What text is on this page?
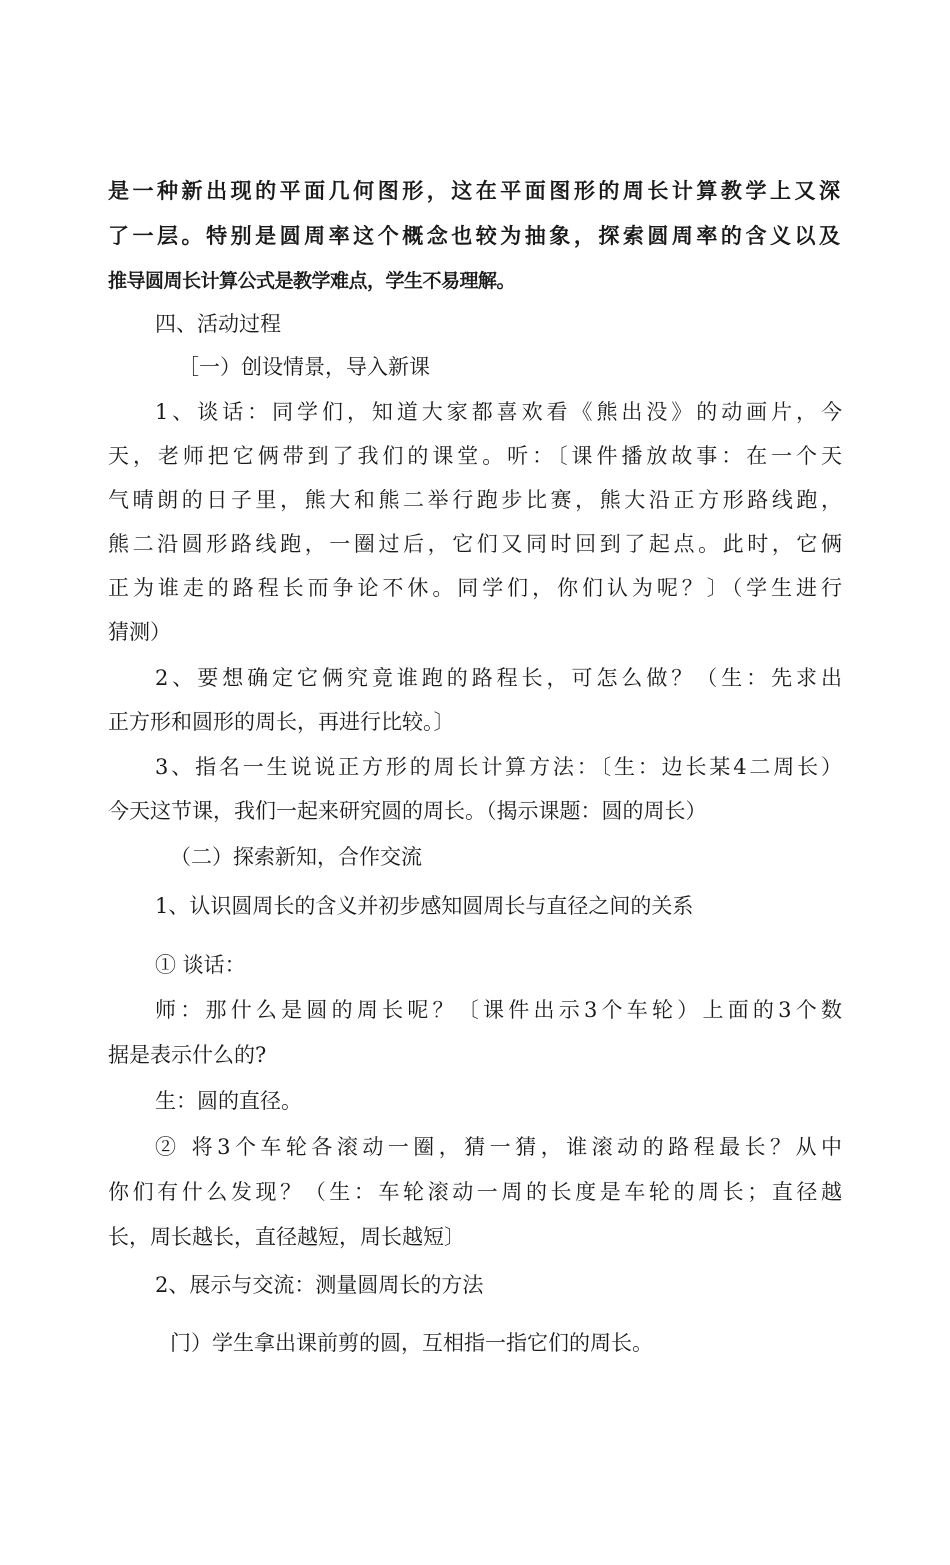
是一种新出现的平面几何图形，这在平面图形的周长计算教学上又深
了一层。特别是圆周率这个概念也较为抽象，探索圆周率的含义以及
推导圆周长计算公式是教学难点，学生不易理解。
四、活动过程
［一）创设情景，导入新课
1、谈话：同学们，知道大家都喜欢看《熊出没》的动画片，今
天，老师把它俩带到了我们的课堂。听：〔课件播放故事：在一个天
气晴朗的日子里，熊大和熊二举行跑步比赛，熊大沿正方形路线跑，
熊二沿圆形路线跑，一圈过后，它们又同时回到了起点。此时，它俩
正为谁走的路程长而争论不休。同学们，你们认为呢？〕（学生进行
猜测）
2、要想确定它俩究竟谁跑的路程长，可怎么做？（生：先求出
正方形和圆形的周长，再进行比较。〕
3、指名一生说说正方形的周长计算方法：〔生：边长某4二周长）
今天这节课，我们一起来研究圆的周长。（揭示课题：圆的周长）
（二）探索新知，合作交流
1、认识圆周长的含义并初步感知圆周长与直径之间的关系
① 谈话：
师：那什么是圆的周长呢？〔课件出示3个车轮）上面的3个数
据是表示什么的?
生：圆的直径。
② 将3个车轮各滚动一圈，猜一猜，谁滚动的路程最长？从中
你们有什么发现？（生：车轮滚动一周的长度是车轮的周长；直径越
长，周长越长，直径越短，周长越短〕
2、展示与交流：测量圆周长的方法
门）学生拿出课前剪的圆，互相指一指它们的周长。
